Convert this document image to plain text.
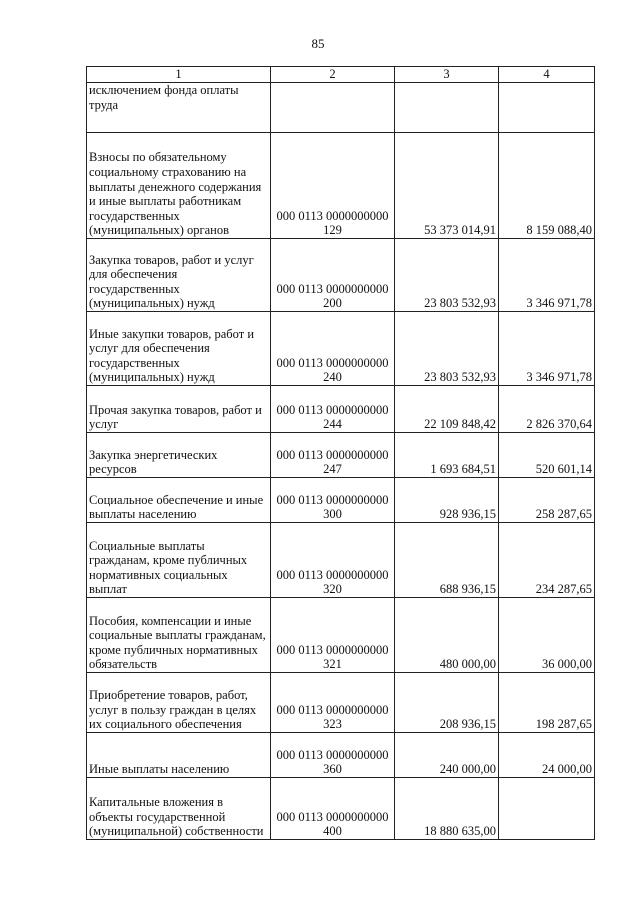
85
1	2	3	4
исключением фонда оплаты труда			
Взносы по обязательному социальному страхованию на выплаты денежного содержания и иные выплаты работникам государственных (муниципальных) органов	000 0113 0000000000 129	53 373 014,91	8 159 088,40
Закупка товаров, работ и услуг для обеспечения государственных (муниципальных) нужд	000 0113 0000000000 200	23 803 532,93	3 346 971,78
Иные закупки товаров, работ и услуг для обеспечения государственных (муниципальных) нужд	000 0113 0000000000 240	23 803 532,93	3 346 971,78
Прочая закупка товаров, работ и услуг	000 0113 0000000000 244	22 109 848,42	2 826 370,64
Закупка энергетических ресурсов	000 0113 0000000000 247	1 693 684,51	520 601,14
Социальное обеспечение и иные выплаты населению	000 0113 0000000000 300	928 936,15	258 287,65
Социальные выплаты гражданам, кроме публичных нормативных социальных выплат	000 0113 0000000000 320	688 936,15	234 287,65
Пособия, компенсации и иные социальные выплаты гражданам, кроме публичных нормативных обязательств	000 0113 0000000000 321	480 000,00	36 000,00
Приобретение товаров, работ, услуг в пользу граждан в целях их социального обеспечения	000 0113 0000000000 323	208 936,15	198 287,65
Иные выплаты населению	000 0113 0000000000 360	240 000,00	24 000,00
Капитальные вложения в объекты государственной (муниципальной) собственности	000 0113 0000000000 400	18 880 635,00	
